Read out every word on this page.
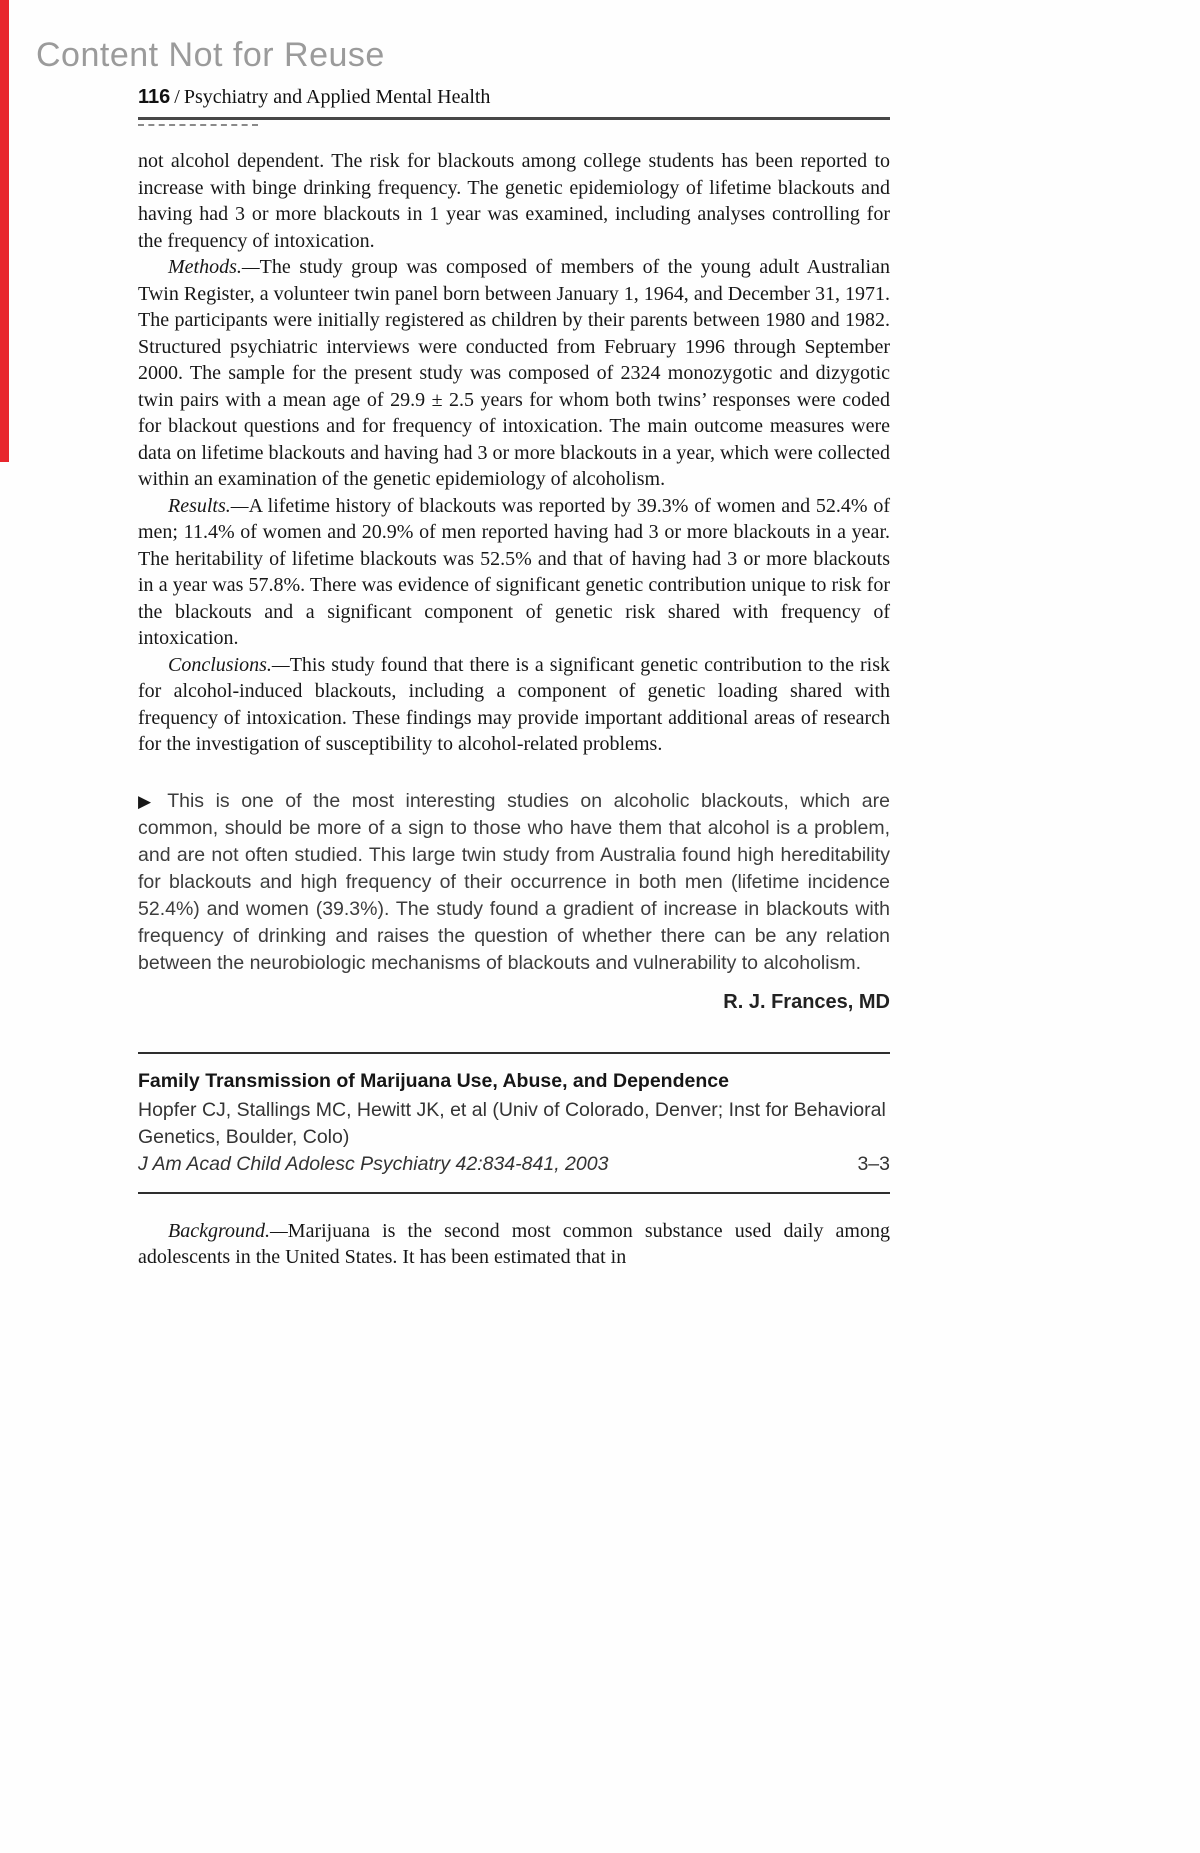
Content Not for Reuse
116 / Psychiatry and Applied Mental Health

not alcohol dependent. The risk for blackouts among college students has been reported to increase with binge drinking frequency. The genetic epidemiology of lifetime blackouts and having had 3 or more blackouts in 1 year was examined, including analyses controlling for the frequency of intoxication.

Methods.—The study group was composed of members of the young adult Australian Twin Register, a volunteer twin panel born between January 1, 1964, and December 31, 1971. The participants were initially registered as children by their parents between 1980 and 1982. Structured psychiatric interviews were conducted from February 1996 through September 2000. The sample for the present study was composed of 2324 monozygotic and dizygotic twin pairs with a mean age of 29.9 ± 2.5 years for whom both twins’ responses were coded for blackout questions and for frequency of intoxication. The main outcome measures were data on lifetime blackouts and having had 3 or more blackouts in a year, which were collected within an examination of the genetic epidemiology of alcoholism.

Results.—A lifetime history of blackouts was reported by 39.3% of women and 52.4% of men; 11.4% of women and 20.9% of men reported having had 3 or more blackouts in a year. The heritability of lifetime blackouts was 52.5% and that of having had 3 or more blackouts in a year was 57.8%. There was evidence of significant genetic contribution unique to risk for the blackouts and a significant component of genetic risk shared with frequency of intoxication.

Conclusions.—This study found that there is a significant genetic contribution to the risk for alcohol-induced blackouts, including a component of genetic loading shared with frequency of intoxication. These findings may provide important additional areas of research for the investigation of susceptibility to alcohol-related problems.

▶ This is one of the most interesting studies on alcoholic blackouts, which are common, should be more of a sign to those who have them that alcohol is a problem, and are not often studied. This large twin study from Australia found high hereditability for blackouts and high frequency of their occurrence in both men (lifetime incidence 52.4%) and women (39.3%). The study found a gradient of increase in blackouts with frequency of drinking and raises the question of whether there can be any relation between the neurobiologic mechanisms of blackouts and vulnerability to alcoholism.
R. J. Frances, MD
Family Transmission of Marijuana Use, Abuse, and Dependence
Hopfer CJ, Stallings MC, Hewitt JK, et al (Univ of Colorado, Denver; Inst for Behavioral Genetics, Boulder, Colo)
J Am Acad Child Adolesc Psychiatry 42:834-841, 2003	3–3

Background.—Marijuana is the second most common substance used daily among adolescents in the United States. It has been estimated that in
